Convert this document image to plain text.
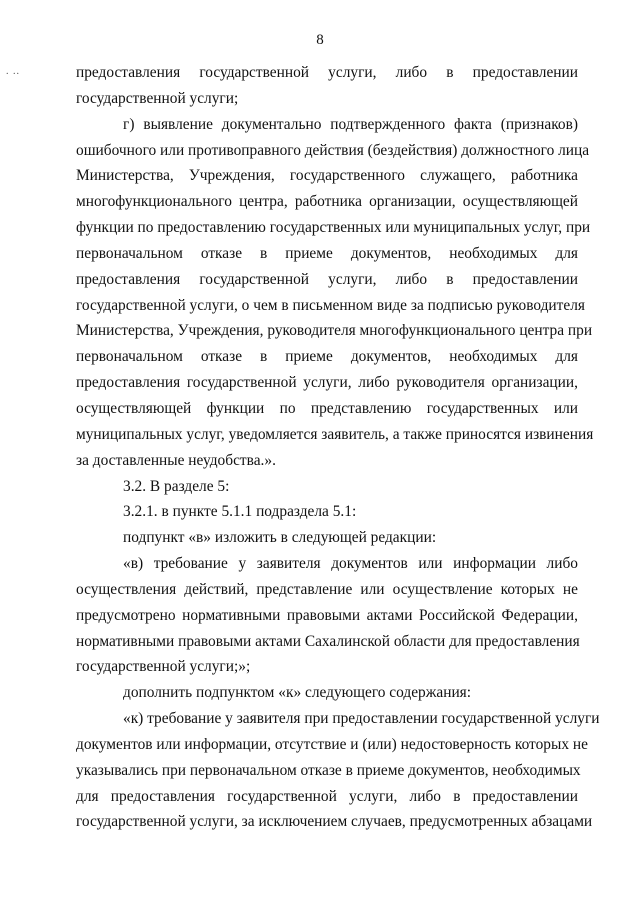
8
. ..	предоставления государственной услуги, либо в предоставлении
государственной услуги;
г) выявление документально подтвержденного факта (признаков)
ошибочного или противоправного действия (бездействия) должностного лица
Министерства, Учреждения, государственного служащего, работника
многофункционального центра, работника организации, осуществляющей
функции по предоставлению государственных или муниципальных услуг, при
первоначальном отказе в приеме документов, необходимых для
предоставления государственной услуги, либо в предоставлении
государственной услуги, о чем в письменном виде за подписью руководителя
Министерства, Учреждения, руководителя многофункционального центра при
первоначальном отказе в приеме документов, необходимых для
предоставления государственной услуги, либо руководителя организации,
осуществляющей функции по представлению государственных или
муниципальных услуг, уведомляется заявитель, а также приносятся извинения
за доставленные неудобства.».
3.2. В разделе 5:
3.2.1. в пункте 5.1.1 подраздела 5.1:
подпункт «в» изложить в следующей редакции:
«в) требование у заявителя документов или информации либо
осуществления действий, представление или осуществление которых не
предусмотрено нормативными правовыми актами Российской Федерации,
нормативными правовыми актами Сахалинской области для предоставления
государственной услуги;»;
дополнить подпунктом «к» следующего содержания:
«к) требование у заявителя при предоставлении государственной услуги
документов или информации, отсутствие и (или) недостоверность которых не
указывались при первоначальном отказе в приеме документов, необходимых
для предоставления государственной услуги, либо в предоставлении
государственной услуги, за исключением случаев, предусмотренных абзацами
